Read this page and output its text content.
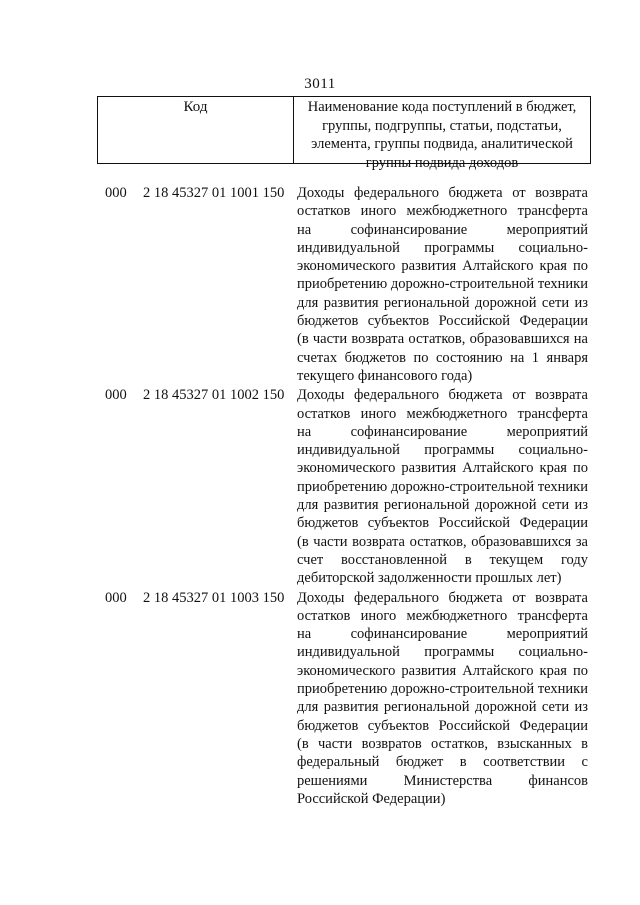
3011
Код	Наименование кода поступлений в бюджет,
группы, подгруппы, статьи, подстатьи,
элемента, группы подвида, аналитической
группы подвида доходов
000 2 18 45327 01 1001 150 Доходы федерального бюджета от возврата
остатков иного межбюджетного трансферта
на софинансирование мероприятий
индивидуальной программы социально-
экономического развития Алтайского края по
приобретению дорожно-строительной техники
для развития региональной дорожной сети из
бюджетов субъектов Российской Федерации
(в части возврата остатков, образовавшихся на
счетах бюджетов по состоянию на 1 января
текущего финансового года)
000 2 18 45327 01 1002 150 Доходы федерального бюджета от возврата
остатков иного межбюджетного трансферта
на софинансирование мероприятий
индивидуальной программы социально-
экономического развития Алтайского края по
приобретению дорожно-строительной техники
для развития региональной дорожной сети из
бюджетов субъектов Российской Федерации
(в части возврата остатков, образовавшихся за
счет восстановленной в текущем году
дебиторской задолженности прошлых лет)
000 2 18 45327 01 1003 150 Доходы федерального бюджета от возврата
остатков иного межбюджетного трансферта
на софинансирование мероприятий
индивидуальной программы социально-
экономического развития Алтайского края по
приобретению дорожно-строительной техники
для развития региональной дорожной сети из
бюджетов субъектов Российской Федерации
(в части возвратов остатков, взысканных в
федеральный бюджет в соответствии с
решениями Министерства финансов
Российской Федерации)
